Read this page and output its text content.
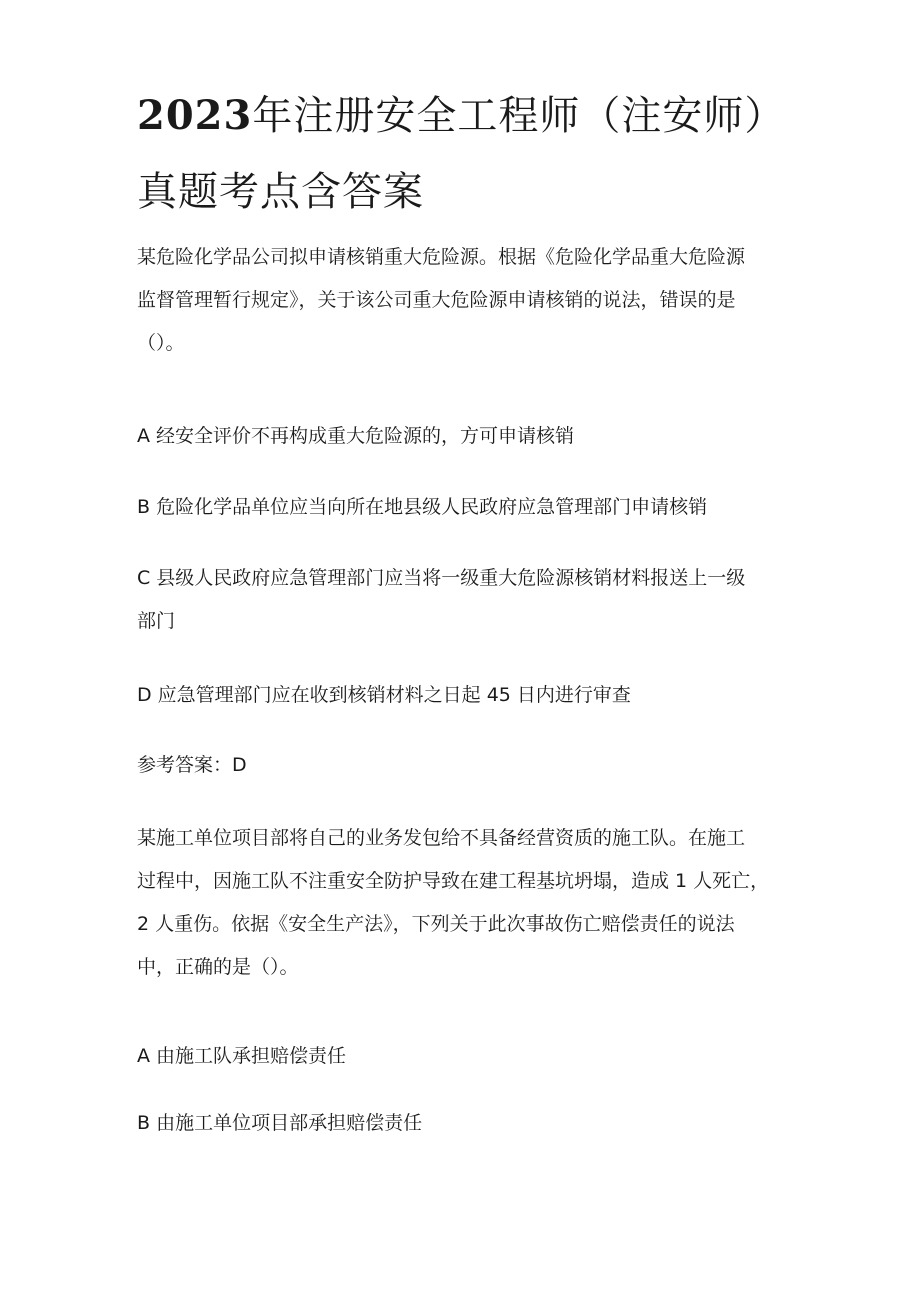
2023年注册安全工程师（注安师）
真题考点含答案

某危险化学品公司拟申请核销重大危险源。根据《危险化学品重大危险源
监督管理暂行规定》，关于该公司重大危险源申请核销的说法，错误的是
（）。

A 经安全评价不再构成重大危险源的，方可申请核销

B 危险化学品单位应当向所在地县级人民政府应急管理部门申请核销

C 县级人民政府应急管理部门应当将一级重大危险源核销材料报送上一级
部门

D 应急管理部门应在收到核销材料之日起 45 日内进行审查

参考答案：D

某施工单位项目部将自己的业务发包给不具备经营资质的施工队。在施工
过程中，因施工队不注重安全防护导致在建工程基坑坍塌，造成 1 人死亡，
2 人重伤。依据《安全生产法》，下列关于此次事故伤亡赔偿责任的说法
中，正确的是（）。

A 由施工队承担赔偿责任

B 由施工单位项目部承担赔偿责任
